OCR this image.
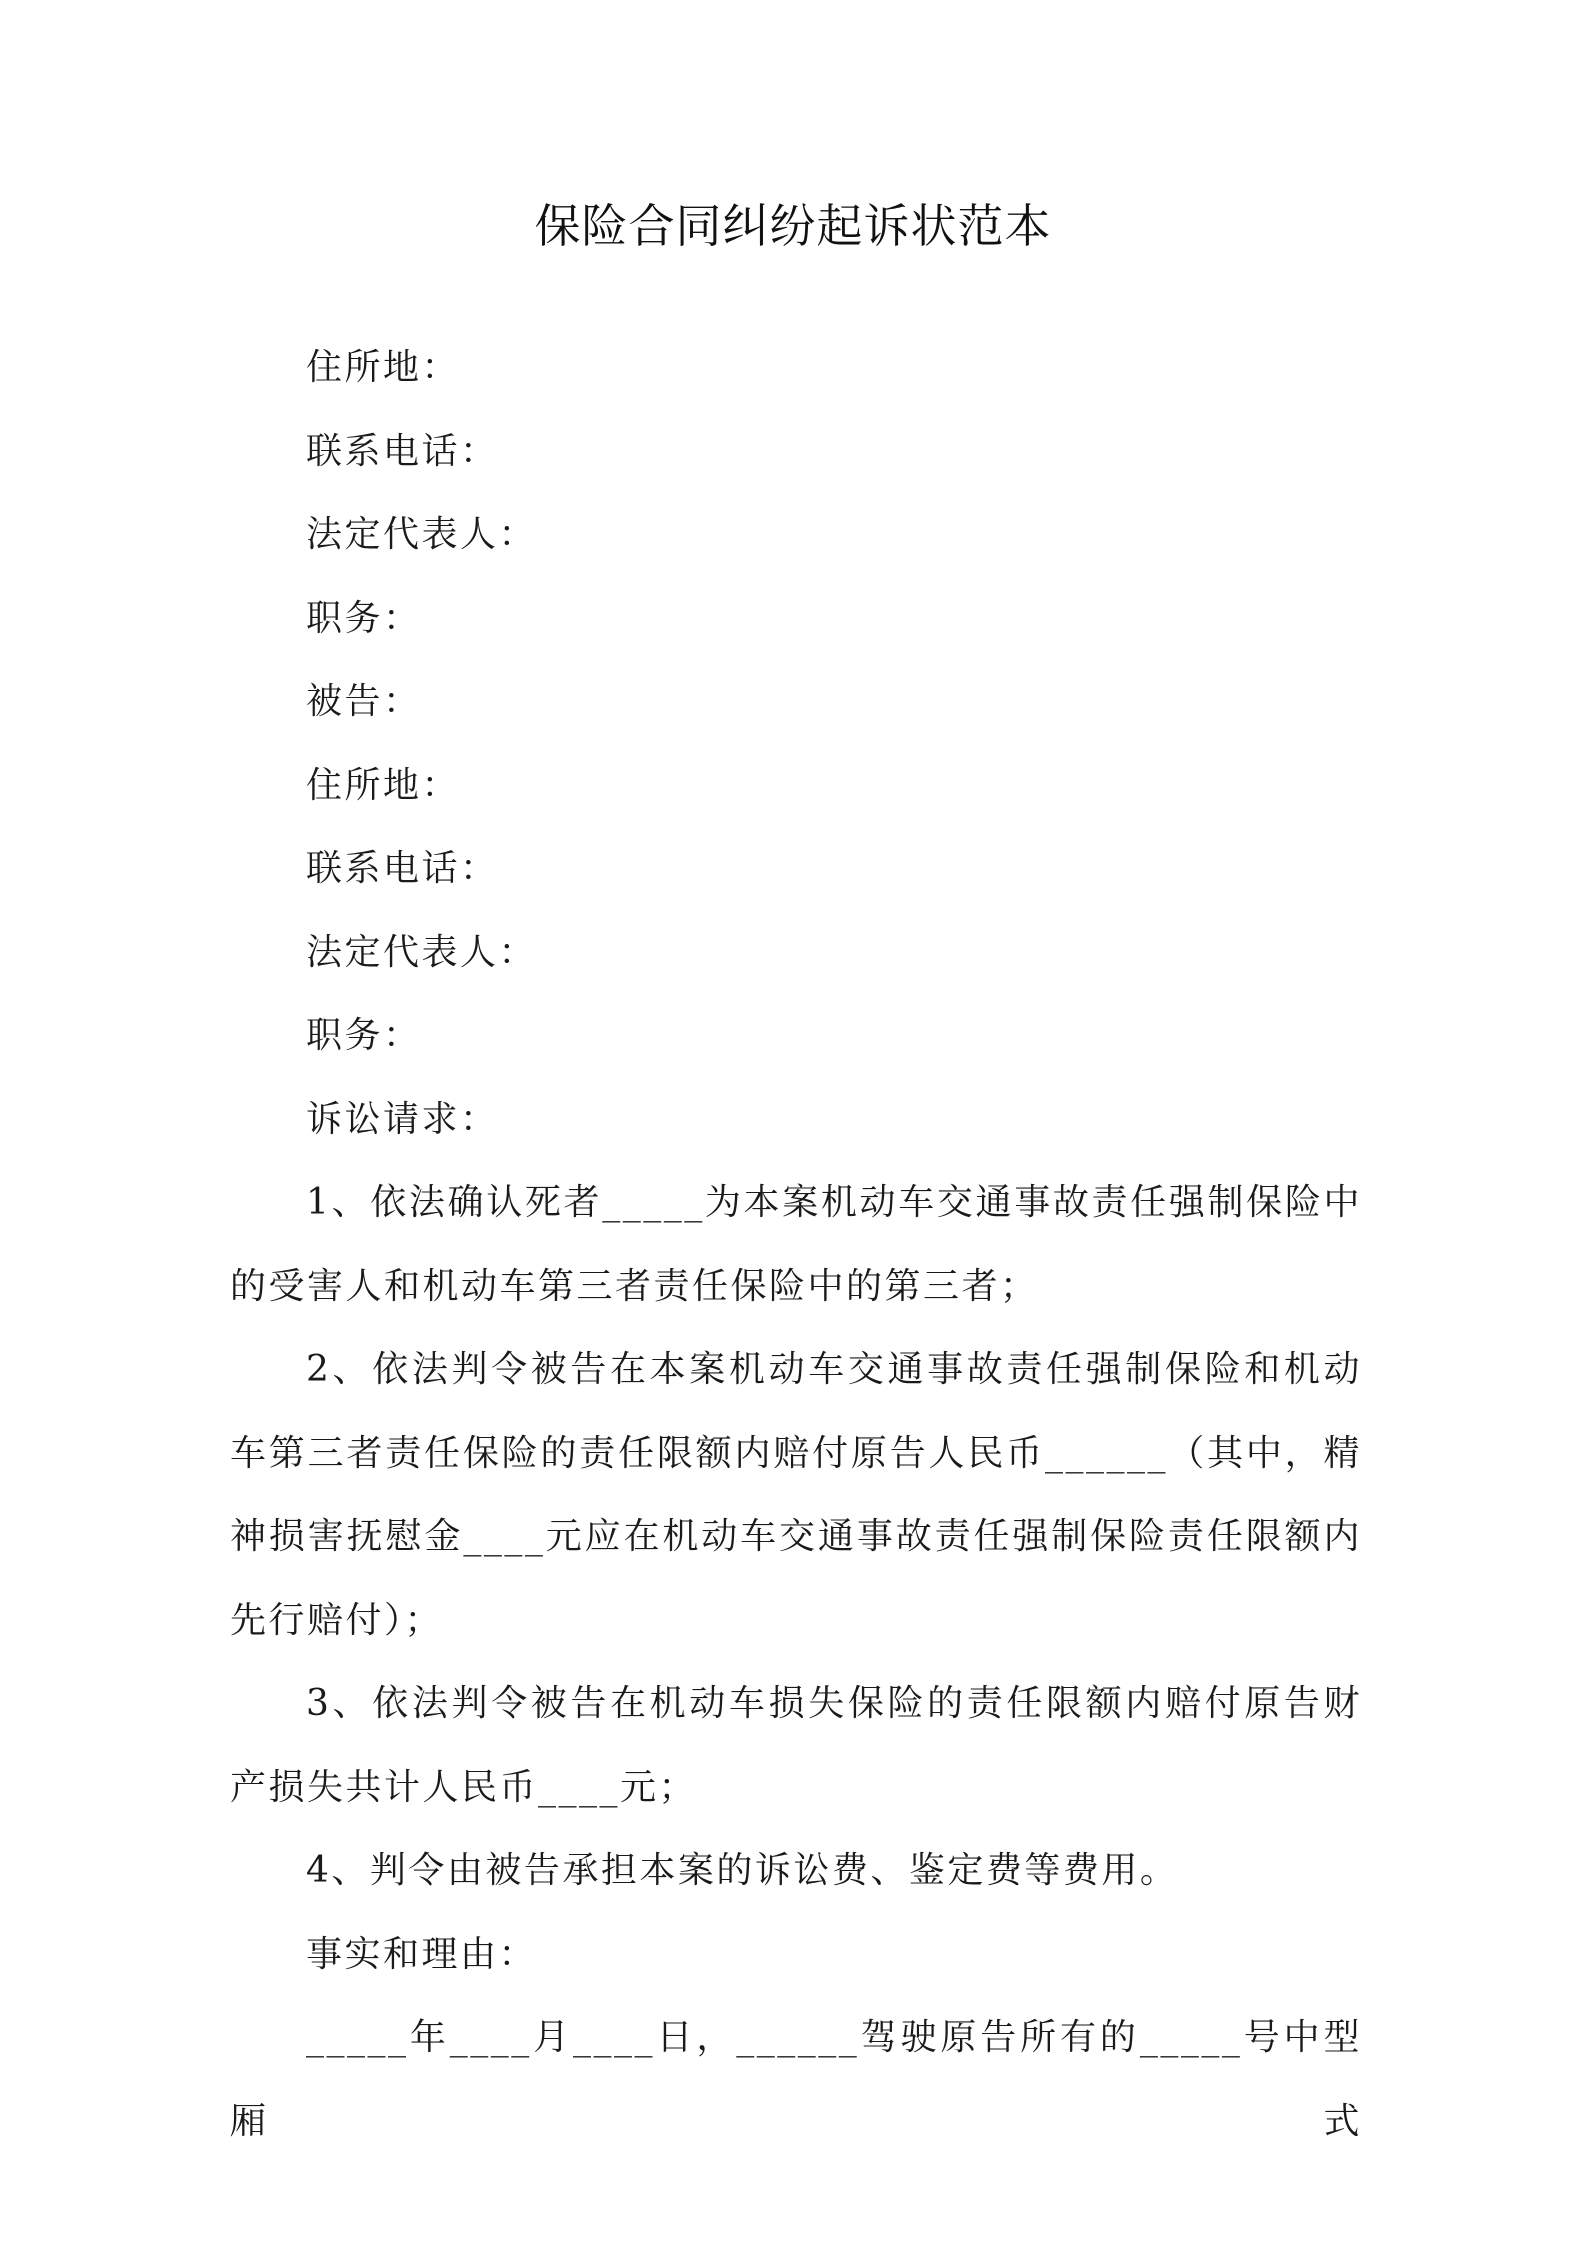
保险合同纠纷起诉状范本

住所地：

联系电话：

法定代表人：

职务：

被告：

住所地：

联系电话：

法定代表人：

职务：

诉讼请求：

1、依法确认死者_____为本案机动车交通事故责任强制保险中的受害人和机动车第三者责任保险中的第三者；

2、依法判令被告在本案机动车交通事故责任强制保险和机动车第三者责任保险的责任限额内赔付原告人民币______（其中，精神损害抚慰金____元应在机动车交通事故责任强制保险责任限额内先行赔付）；

3、依法判令被告在机动车损失保险的责任限额内赔付原告财产损失共计人民币____元；

4、判令由被告承担本案的诉讼费、鉴定费等费用。

事实和理由：

_____年____月____日，______驾驶原告所有的_____号中型厢式
